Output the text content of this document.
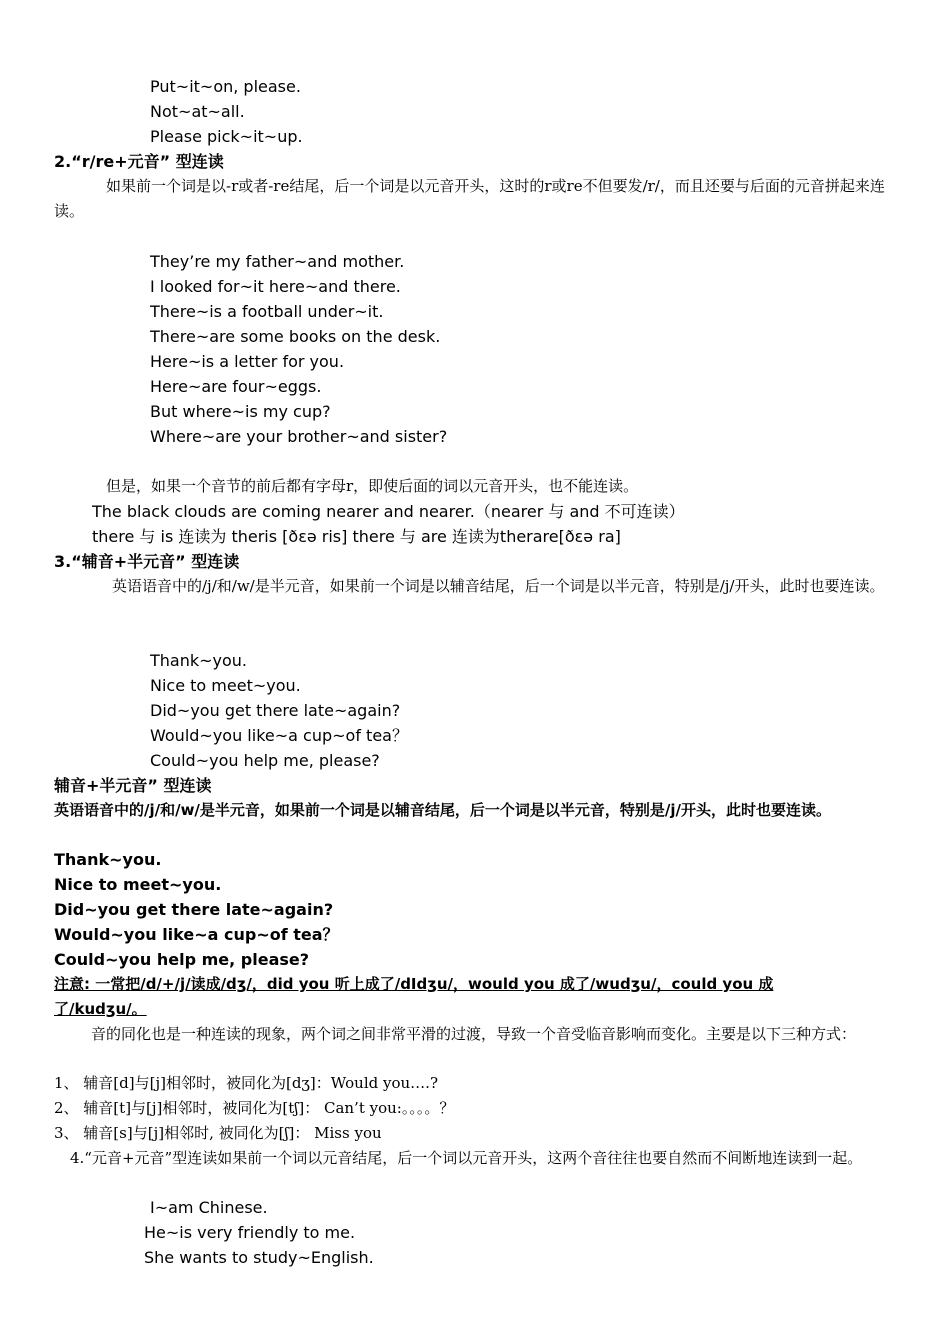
Put~it~on, please.
Not~at~all.
Please pick~it~up.
2.“r/re+元音” 型连读
如果前一个词是以-r或者-re结尾，后一个词是以元音开头，这时的r或re不但要发/r/，而且还要与后面的元音拼起来连读。
They’re my father~and mother.
I looked for~it here~and there.
There~is a football under~it.
There~are some books on the desk.
Here~is a letter for you.
Here~are four~eggs.
But where~is my cup?
Where~are your brother~and sister?
但是，如果一个音节的前后都有字母r，即使后面的词以元音开头，也不能连读。
The black clouds are coming nearer and nearer.（nearer 与 and 不可连读）
there 与 is 连读为 theris [ðεə ris] there 与 are 连读为therare[ðεə ra]
3.“辅音+半元音” 型连读
英语语音中的/j/和/w/是半元音，如果前一个词是以辅音结尾，后一个词是以半元音，特别是/j/开头，此时也要连读。
Thank~you.
Nice to meet~you.
Did~you get there late~again?
Would~you like~a cup~of tea？
Could~you help me, please?
辅音+半元音” 型连读
英语语音中的/j/和/w/是半元音，如果前一个词是以辅音结尾，后一个词是以半元音，特别是/j/开头，此时也要连读。
Thank~you.
Nice to meet~you.
Did~you get there late~again?
Would~you like~a cup~of tea？
Could~you help me, please?
注意: 一常把/d/+/j/读成/dʒ/，did you 听上成了/dIdʒu/，would you 成了/wudʒu/，could you 成
了/kudʒu/。
音的同化也是一种连读的现象，两个词之间非常平滑的过渡，导致一个音受临音影响而变化。主要是以下三种方式：
1、 辅音[d]与[j]相邻时，被同化为[dʒ]：Would you….?
2、 辅音[t]与[j]相邻时，被同化为[tʃ]： Can’t you:。。。。？
3、 辅音[s]与[j]相邻时, 被同化为[ʃ]： Miss you
4.“元音+元音”型连读如果前一个词以元音结尾，后一个词以元音开头，这两个音往往也要自然而不间断地连读到一起。
I~am Chinese.
He~is very friendly to me.
She wants to study~English.
